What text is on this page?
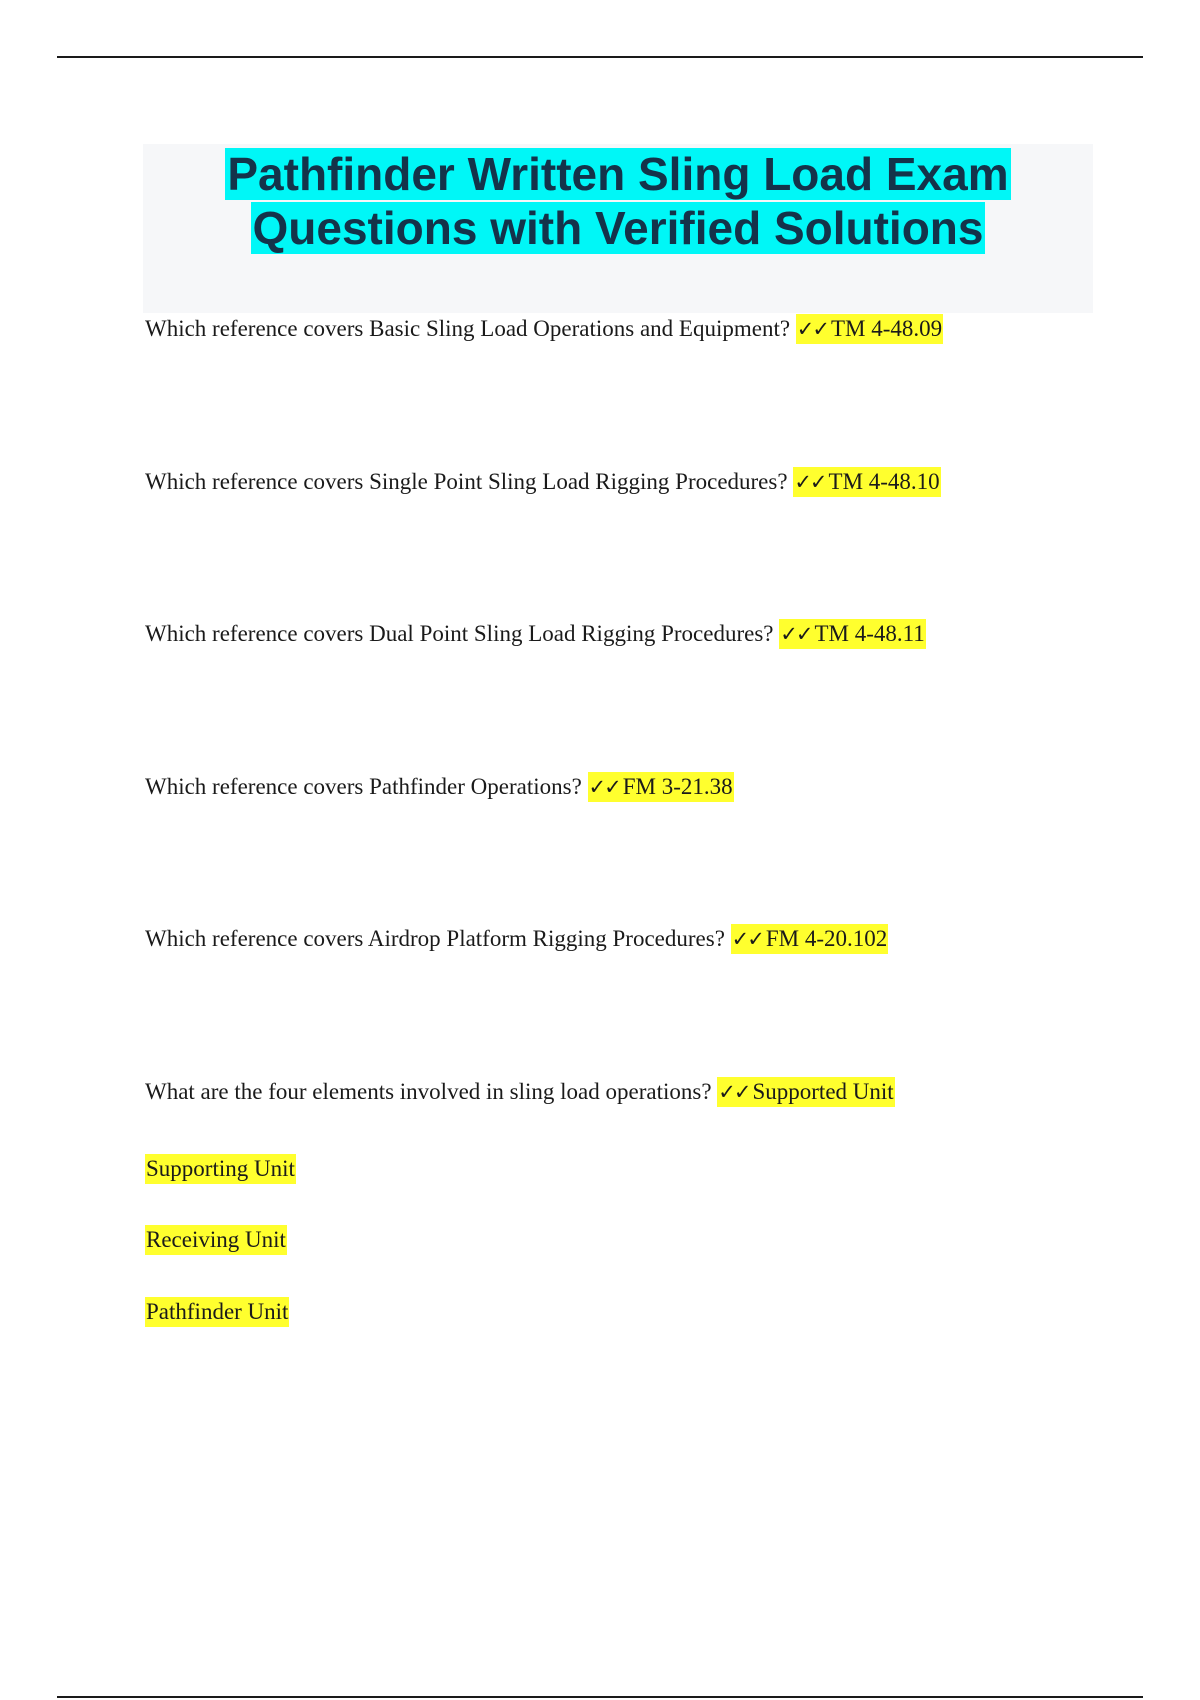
Pathfinder Written Sling Load Exam
Questions with Verified Solutions
Which reference covers Basic Sling Load Operations and Equipment? ✓✓ TM 4-48.09
Which reference covers Single Point Sling Load Rigging Procedures? ✓✓ TM 4-48.10
Which reference covers Dual Point Sling Load Rigging Procedures? ✓✓ TM 4-48.11
Which reference covers Pathfinder Operations? ✓✓ FM 3-21.38
Which reference covers Airdrop Platform Rigging Procedures? ✓✓ FM 4-20.102
What are the four elements involved in sling load operations? ✓✓ Supported Unit
Supporting Unit
Receiving Unit
Pathfinder Unit
